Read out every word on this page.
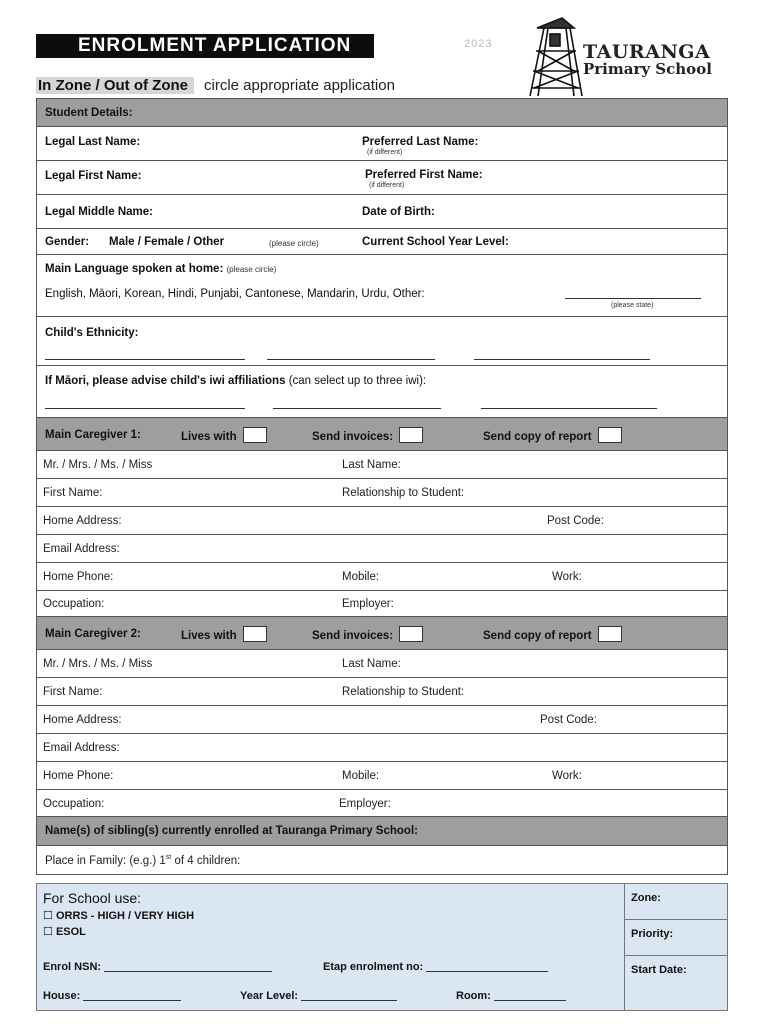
ENROLMENT APPLICATION	2023
In Zone / Out of Zone circle appropriate application
TAURANGA
Primary School
Student Details:
Legal Last Name:	Preferred Last Name:
(if different)
Legal First Name:	Preferred First Name:
(if different)
Legal Middle Name:	Date of Birth:
Gender: Male / Female / Other	(please circle)	Current School Year Level:
Main Language spoken at home: (please circle)
English, Māori, Korean, Hindi, Punjabi, Cantonese, Mandarin, Urdu, Other:
(please state)
Child's Ethnicity:
If Māori, please advise child's iwi affiliations (can select up to three iwi):
Main Caregiver 1:	Lives with	Send invoices:	Send copy of report
Mr. / Mrs. / Ms. / Miss	Last Name:
First Name:	Relationship to Student:
Home Address:	Post Code:
Email Address:
Home Phone:	Mobile:	Work:
Occupation:	Employer:
Main Caregiver 2:	Lives with	Send invoices:	Send copy of report
Mr. / Mrs. / Ms. / Miss	Last Name:
First Name:	Relationship to Student:
Home Address:	Post Code:
Email Address:
Home Phone:	Mobile:	Work:
Occupation:	Employer:
Name(s) of sibling(s) currently enrolled at Tauranga Primary School:
Place in Family: (e.g.) 1st of 4 children:
For School use:
☐ ORRS - HIGH / VERY HIGH
☐ ESOL
Enrol NSN:	Etap enrolment no:
House:	Year Level:	Room:
Zone:
Priority:
Start Date:
